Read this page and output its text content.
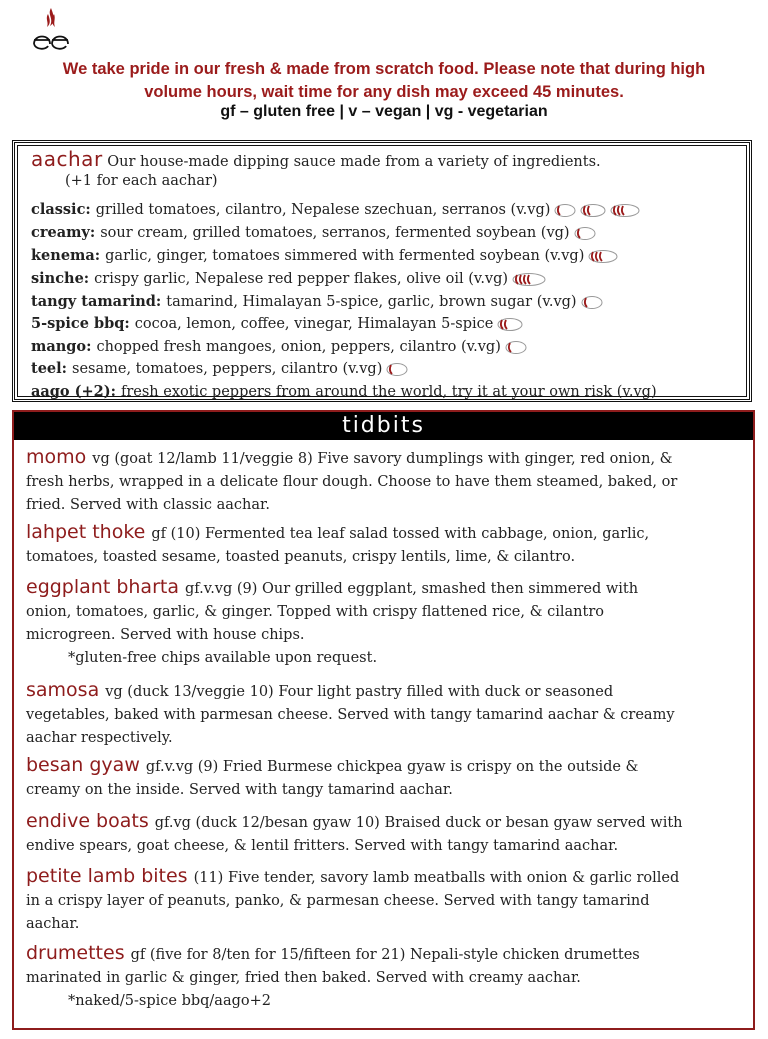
We take pride in our fresh & made from scratch food. Please note that during high
volume hours, wait time for any dish may exceed 45 minutes.
gf – gluten free | v – vegan | vg - vegetarian
aachar Our house-made dipping sauce made from a variety of ingredients.
(+1 for each aachar)
classic: grilled tomatoes, cilantro, Nepalese szechuan, serranos (v.vg)
creamy: sour cream, grilled tomatoes, serranos, fermented soybean (vg)
kenema: garlic, ginger, tomatoes simmered with fermented soybean (v.vg)
sinche: crispy garlic, Nepalese red pepper flakes, olive oil (v.vg)
tangy tamarind: tamarind, Himalayan 5-spice, garlic, brown sugar (v.vg)
5-spice bbq: cocoa, lemon, coffee, vinegar, Himalayan 5-spice
mango: chopped fresh mangoes, onion, peppers, cilantro (v.vg)
teel: sesame, tomatoes, peppers, cilantro (v.vg)
aago (+2): fresh exotic peppers from around the world, try it at your own risk (v.vg)
tidbits
momo vg (goat 12/lamb 11/veggie 8) Five savory dumplings with ginger, red onion, &
fresh herbs, wrapped in a delicate flour dough. Choose to have them steamed, baked, or
fried. Served with classic aachar.
lahpet thoke gf (10) Fermented tea leaf salad tossed with cabbage, onion, garlic,
tomatoes, toasted sesame, toasted peanuts, crispy lentils, lime, & cilantro.
eggplant bharta gf.v.vg (9) Our grilled eggplant, smashed then simmered with
onion, tomatoes, garlic, & ginger. Topped with crispy flattened rice, & cilantro
microgreen. Served with house chips.
*gluten-free chips available upon request.
samosa vg (duck 13/veggie 10) Four light pastry filled with duck or seasoned
vegetables, baked with parmesan cheese. Served with tangy tamarind aachar & creamy
aachar respectively.
besan gyaw gf.v.vg (9) Fried Burmese chickpea gyaw is crispy on the outside &
creamy on the inside. Served with tangy tamarind aachar.
endive boats gf.vg (duck 12/besan gyaw 10) Braised duck or besan gyaw served with
endive spears, goat cheese, & lentil fritters. Served with tangy tamarind aachar.
petite lamb bites (11) Five tender, savory lamb meatballs with onion & garlic rolled
in a crispy layer of peanuts, panko, & parmesan cheese. Served with tangy tamarind
aachar.
drumettes gf (five for 8/ten for 15/fifteen for 21) Nepali-style chicken drumettes
marinated in garlic & ginger, fried then baked. Served with creamy aachar.
*naked/5-spice bbq/aago+2
